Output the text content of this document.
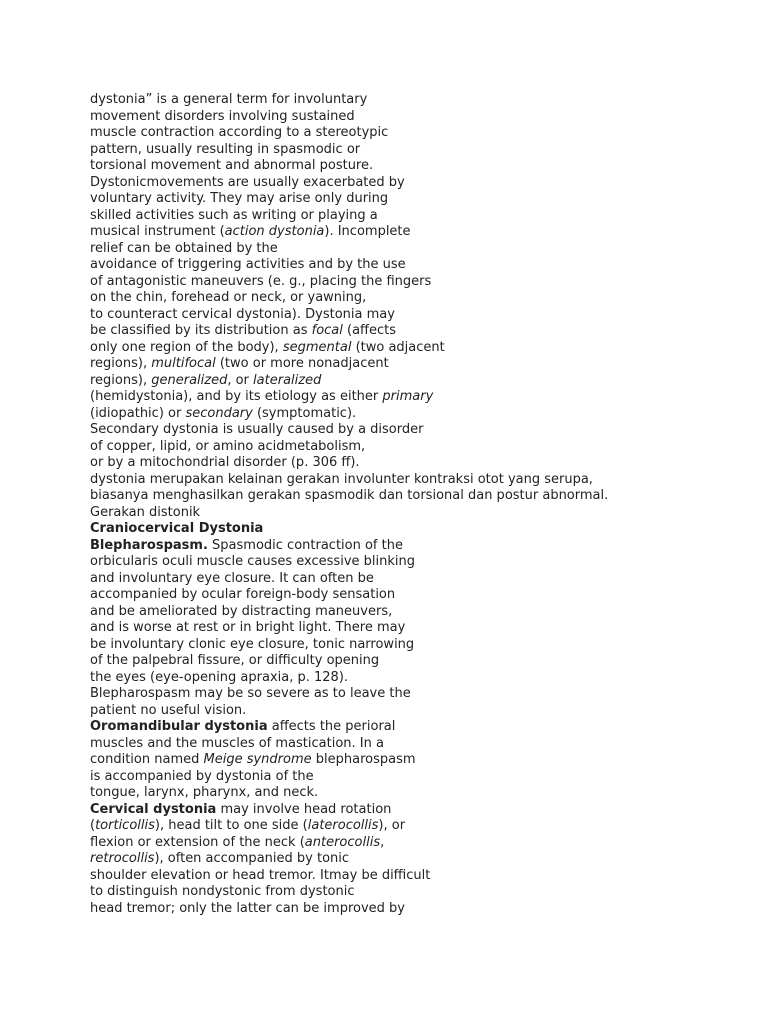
dystonia” is a general term for involuntary
movement disorders involving sustained
muscle contraction according to a stereotypic
pattern, usually resulting in spasmodic or
torsional movement and abnormal posture.
Dystonicmovements are usually exacerbated by
voluntary activity. They may arise only during
skilled activities such as writing or playing a
musical instrument (action dystonia). Incomplete
relief can be obtained by the
avoidance of triggering activities and by the use
of antagonistic maneuvers (e. g., placing the fingers
on the chin, forehead or neck, or yawning,
to counteract cervical dystonia). Dystonia may
be classified by its distribution as focal (affects
only one region of the body), segmental (two adjacent
regions), multifocal (two or more nonadjacent
regions), generalized, or lateralized
(hemidystonia), and by its etiology as either primary
(idiopathic) or secondary (symptomatic).
Secondary dystonia is usually caused by a disorder
of copper, lipid, or amino acidmetabolism,
or by a mitochondrial disorder (p. 306 ff).
dystonia merupakan kelainan gerakan involunter kontraksi otot yang serupa,
biasanya menghasilkan gerakan spasmodik dan torsional dan postur abnormal.
Gerakan distonik
Craniocervical Dystonia
Blepharospasm. Spasmodic contraction of the
orbicularis oculi muscle causes excessive blinking
and involuntary eye closure. It can often be
accompanied by ocular foreign-body sensation
and be ameliorated by distracting maneuvers,
and is worse at rest or in bright light. There may
be involuntary clonic eye closure, tonic narrowing
of the palpebral fissure, or difficulty opening
the eyes (eye-opening apraxia, p. 128).
Blepharospasm may be so severe as to leave the
patient no useful vision.
Oromandibular dystonia affects the perioral
muscles and the muscles of mastication. In a
condition named Meige syndrome blepharospasm
is accompanied by dystonia of the
tongue, larynx, pharynx, and neck.
Cervical dystonia may involve head rotation
(torticollis), head tilt to one side (laterocollis), or
flexion or extension of the neck (anterocollis,
retrocollis), often accompanied by tonic
shoulder elevation or head tremor. Itmay be difficult
to distinguish nondystonic from dystonic
head tremor; only the latter can be improved by
